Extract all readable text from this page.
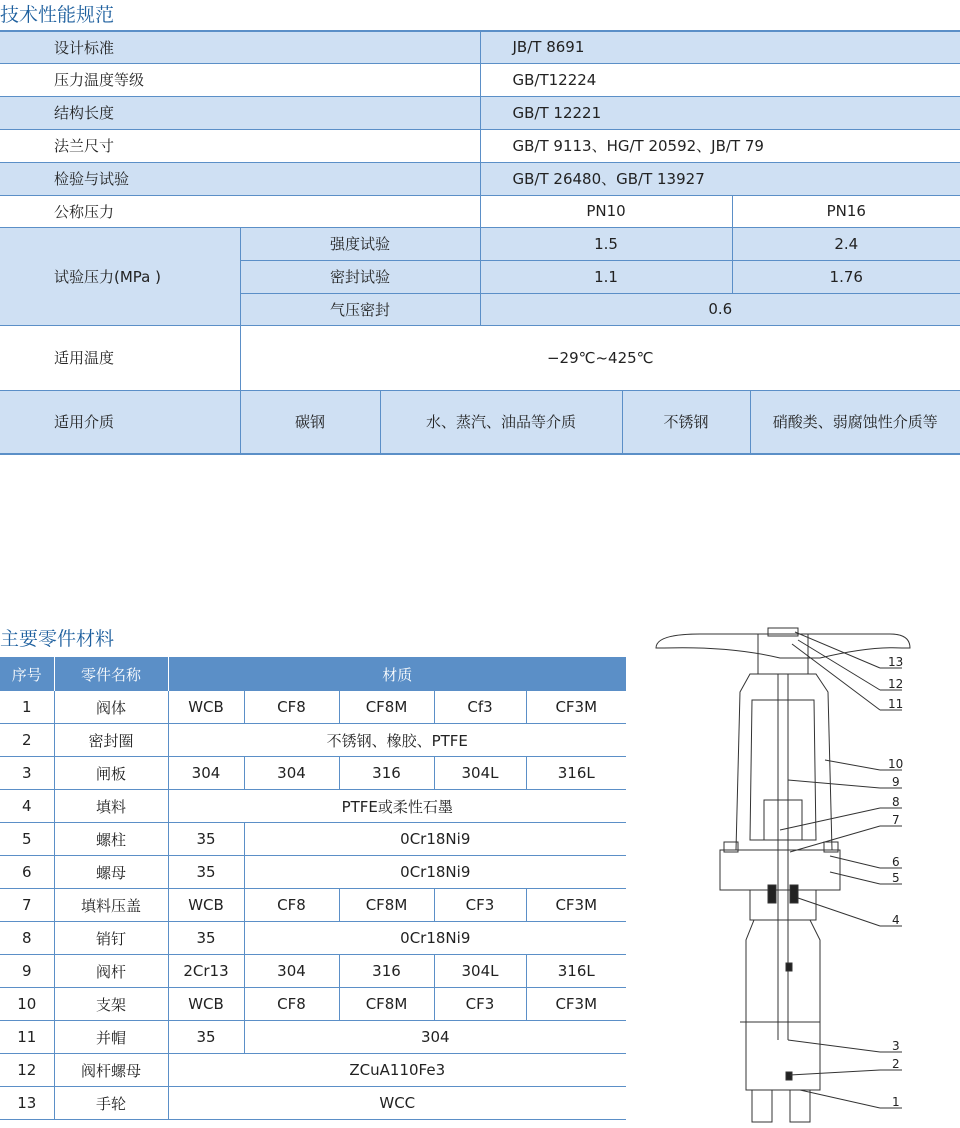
技术性能规范
设计标准			JB/T 8691			
压力温度等级			GB/T12224			
结构长度			GB/T 12221			
法兰尺寸			GB/T 9113、HG/T 20592、JB/T 79			
检验与试验			GB/T 26480、GB/T 13927			
公称压力			PN10		PN16	
试验压力(MPa )	强度试验		1.5		2.4	
	密封试验		1.1		1.76	
	气压密封		0.6			
适用温度	−29℃~425℃					
适用介质	碳钢	水、蒸汽、油品等介质		不锈钢		硝酸类、弱腐蚀性介质等
主要零件材料
序号	零件名称	材质				
1	阀体	WCB	CF8	CF8M	Cf3	CF3M
2	密封圈	不锈钢、橡胶、PTFE				
3	闸板	304	304	316	304L	316L
4	填料	PTFE或柔性石墨				
5	螺柱	35	0Cr18Ni9			
6	螺母	35	0Cr18Ni9			
7	填料压盖	WCB	CF8	CF8M	CF3	CF3M
8	销钉	35	0Cr18Ni9			
9	阀杆	2Cr13	304	316	304L	316L
10	支架	WCB	CF8	CF8M	CF3	CF3M
11	并帽	35	304			
12	阀杆螺母	ZCuA110Fe3				
13	手轮	WCC				
13
12
11
10
9
8
7
6
5
4
3
2
1
